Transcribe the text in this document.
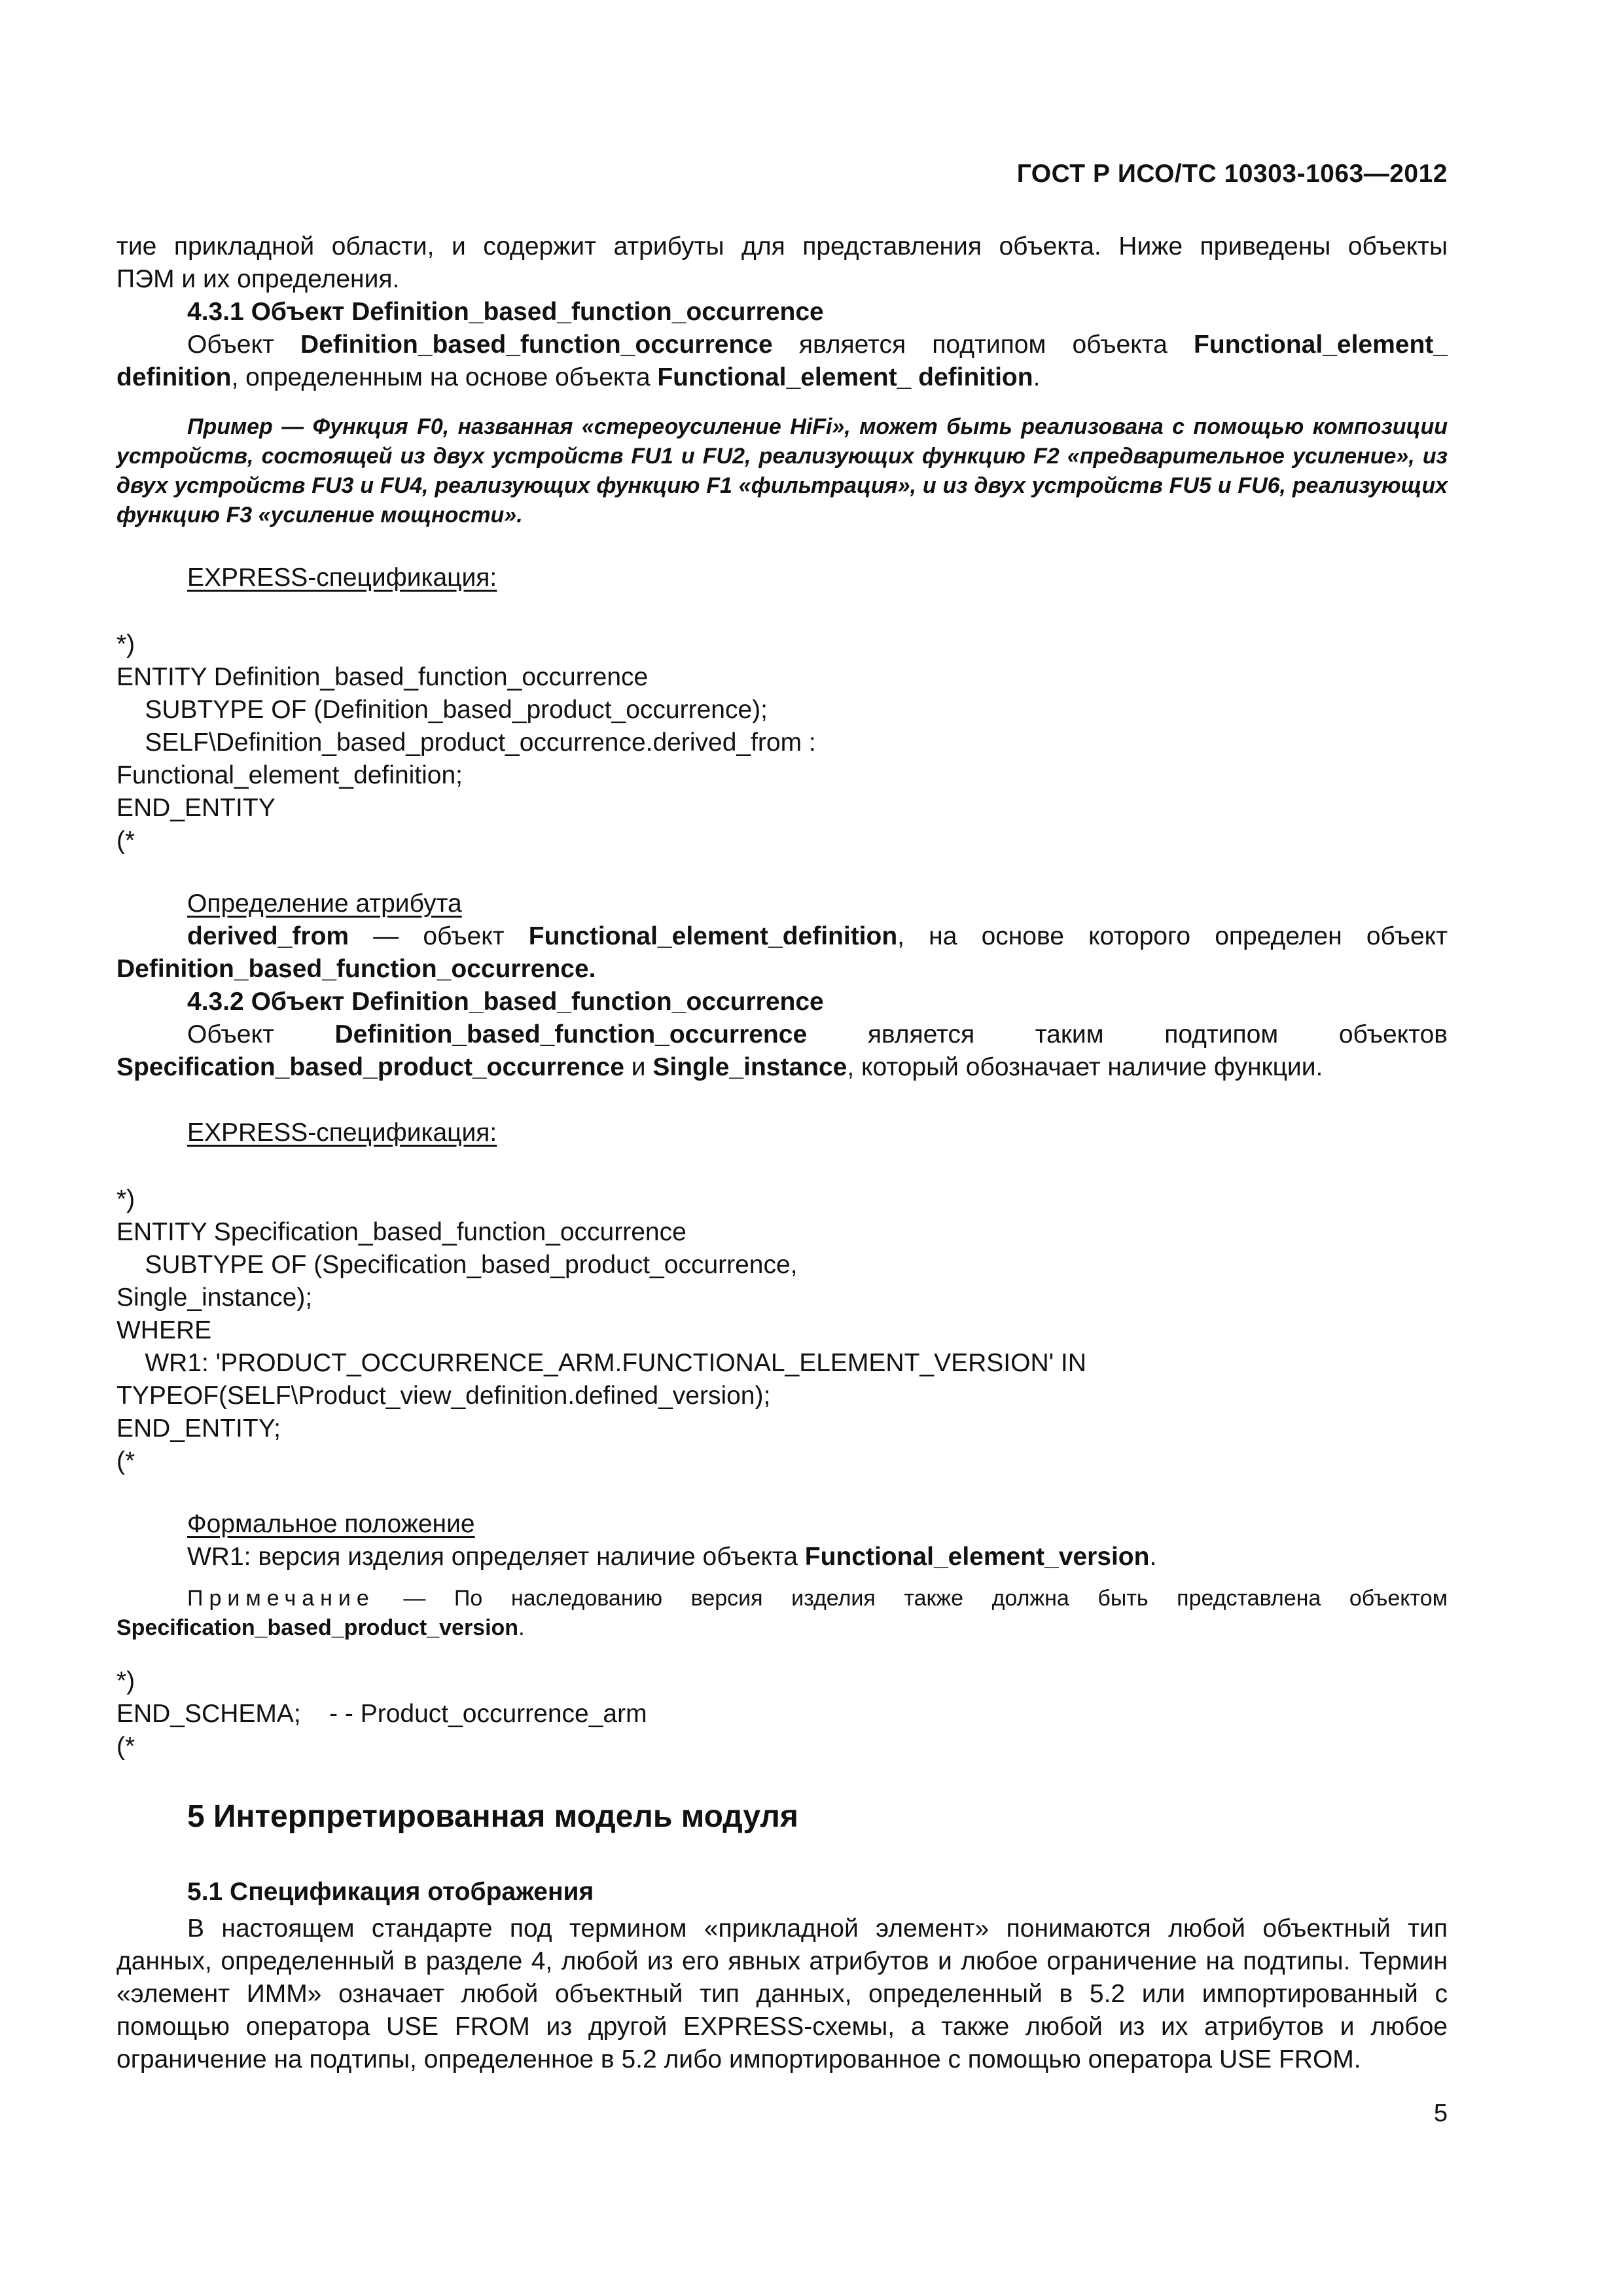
ГОСТ Р ИСО/ТС 10303-1063—2012

тие прикладной области, и содержит атрибуты для представления объекта. Ниже приведены объекты

ПЭМ и их определения.

4.3.1 Объект Definition_based_function_occurrence

Объект Definition_based_function_occurrence является подтипом объекта Functional_element_ definition, определенным на основе объекта Functional_element_ definition.

Пример — Функция F0, названная «стереоусиление HiFi», может быть реализована с помощью композиции устройств, состоящей из двух устройств FU1 и FU2, реализующих функцию F2 «предварительное усиление», из двух устройств FU3 и FU4, реализующих функцию F1 «фильтрация», и из двух устройств FU5 и FU6, реализующих функцию F3 «усиление мощности».

EXPRESS-спецификация:
*)
ENTITY Definition_based_function_occurrence
SUBTYPE OF (Definition_based_product_occurrence);
SELF\Definition_based_product_occurrence.derived_from :
Functional_element_definition;
END_ENTITY
(*
Определение атрибута

derived_from — объект Functional_element_definition, на основе которого определен объект

Definition_based_function_occurrence.

4.3.2 Объект Definition_based_function_occurrence
Объект Definition_based_function_occurrence является таким подтипом объектов

Specification_based_product_occurrence и Single_instance, который обозначает наличие функции.

EXPRESS-спецификация:
*)
ENTITY Specification_based_function_occurrence
SUBTYPE OF (Specification_based_product_occurrence,
Single_instance);
WHERE
WR1: 'PRODUCT_OCCURRENCE_ARM.FUNCTIONAL_ELEMENT_VERSION' IN
TYPEOF(SELF\Product_view_definition.defined_version);
END_ENTITY;
(*
Формальное положение
WR1: версия изделия определяет наличие объекта Functional_element_version.

Примечание — По наследованию версия изделия также должна быть представлена объектом

Specification_based_product_version.

*)
END_SCHEMA;    - - Product_occurrence_arm
(*
5 Интерпретированная модель модуля
5.1 Спецификация отображения

В настоящем стандарте под термином «прикладной элемент» понимаются любой объектный тип данных, определенный в разделе 4, любой из его явных атрибутов и любое ограничение на подтипы. Термин «элемент ИММ» означает любой объектный тип данных, определенный в 5.2 или импортированный с помощью оператора USE FROM из другой EXPRESS-схемы, а также любой из их атрибутов и любое ограничение на подтипы, определенное в 5.2 либо импортированное с помощью оператора USE FROM.

5
